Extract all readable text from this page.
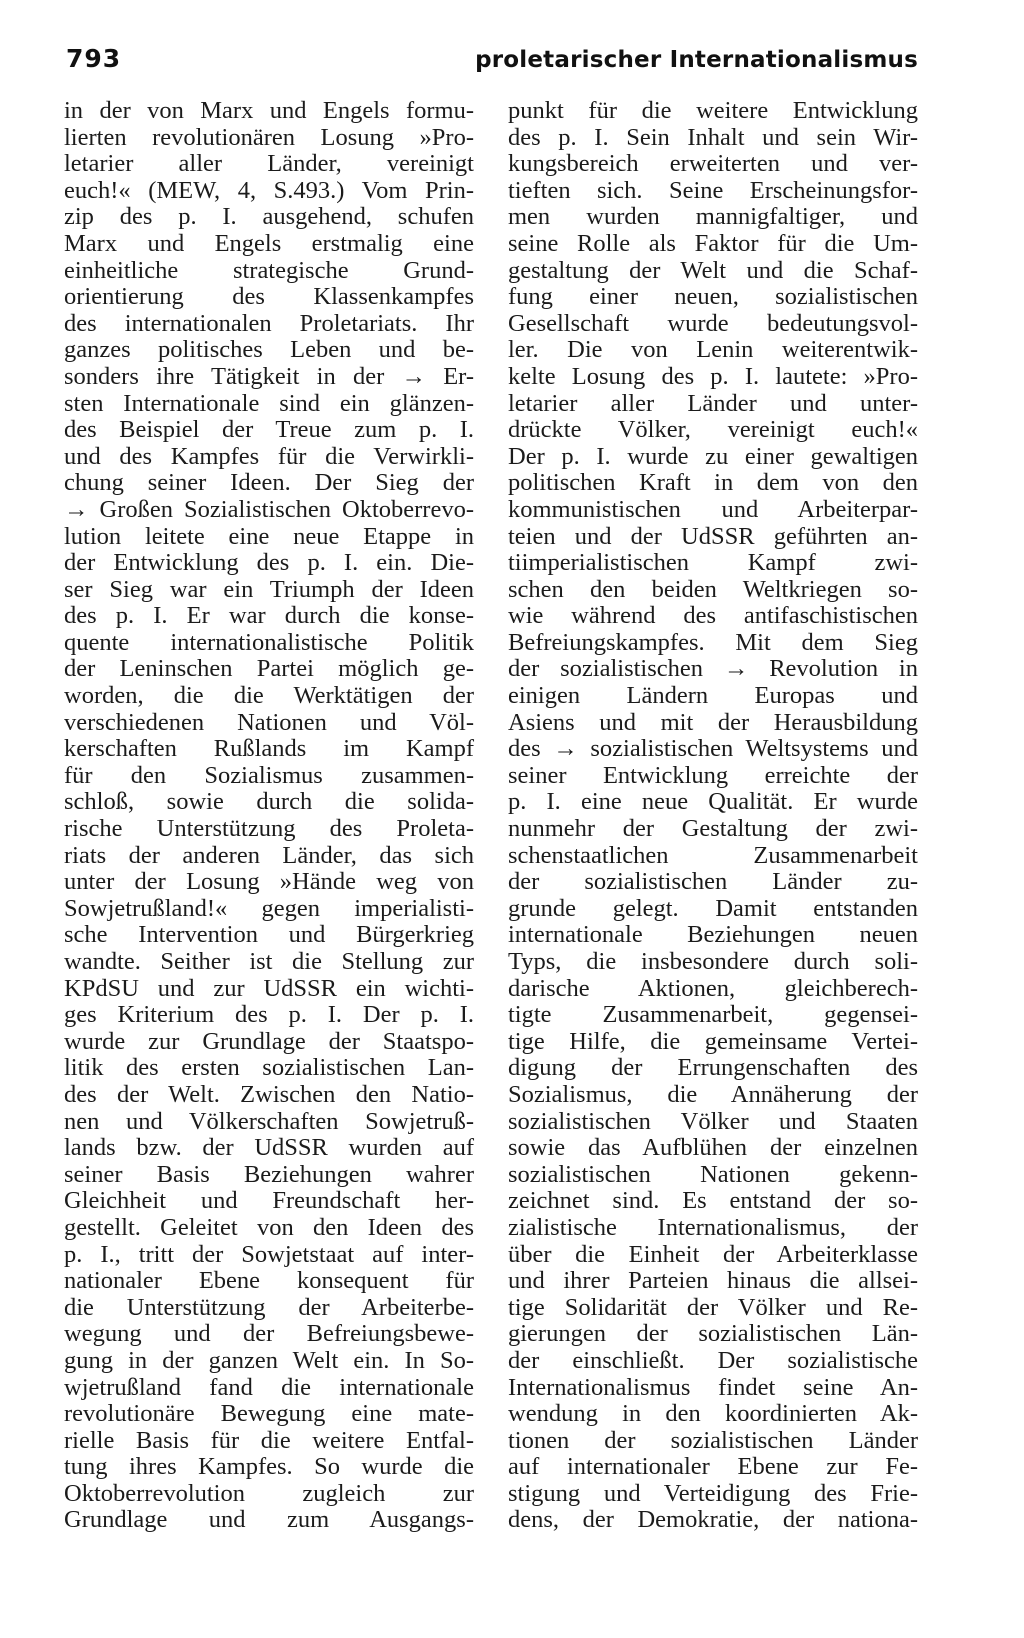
793	proletarischer Internationalismus
in der von Marx und Engels formu-
lierten revolutionären Losung »Pro-
letarier aller Länder, vereinigt
euch!« (MEW, 4, S.493.) Vom Prin-
zip des p. I. ausgehend, schufen
Marx und Engels erstmalig eine
einheitliche strategische Grund-
orientierung des Klassenkampfes
des internationalen Proletariats. Ihr
ganzes politisches Leben und be-
sonders ihre Tätigkeit in der → Er-
sten Internationale sind ein glänzen-
des Beispiel der Treue zum p. I.
und des Kampfes für die Verwirkli-
chung seiner Ideen. Der Sieg der
→ Großen Sozialistischen Oktoberrevo-
lution leitete eine neue Etappe in
der Entwicklung des p. I. ein. Die-
ser Sieg war ein Triumph der Ideen
des p. I. Er war durch die konse-
quente internationalistische Politik
der Leninschen Partei möglich ge-
worden, die die Werktätigen der
verschiedenen Nationen und Völ-
kerschaften Rußlands im Kampf
für den Sozialismus zusammen-
schloß, sowie durch die solida-
rische Unterstützung des Proleta-
riats der anderen Länder, das sich
unter der Losung »Hände weg von
Sowjetrußland!« gegen imperialisti-
sche Intervention und Bürgerkrieg
wandte. Seither ist die Stellung zur
KPdSU und zur UdSSR ein wichti-
ges Kriterium des p. I. Der p. I.
wurde zur Grundlage der Staatspo-
litik des ersten sozialistischen Lan-
des der Welt. Zwischen den Natio-
nen und Völkerschaften Sowjetruß-
lands bzw. der UdSSR wurden auf
seiner Basis Beziehungen wahrer
Gleichheit und Freundschaft her-
gestellt. Geleitet von den Ideen des
p. I., tritt der Sowjetstaat auf inter-
nationaler Ebene konsequent für
die Unterstützung der Arbeiterbe-
wegung und der Befreiungsbewe-
gung in der ganzen Welt ein. In So-
wjetrußland fand die internationale
revolutionäre Bewegung eine mate-
rielle Basis für die weitere Entfal-
tung ihres Kampfes. So wurde die
Oktoberrevolution zugleich zur
Grundlage und zum Ausgangs-
punkt für die weitere Entwicklung
des p. I. Sein Inhalt und sein Wir-
kungsbereich erweiterten und ver-
tieften sich. Seine Erscheinungsfor-
men wurden mannigfaltiger, und
seine Rolle als Faktor für die Um-
gestaltung der Welt und die Schaf-
fung einer neuen, sozialistischen
Gesellschaft wurde bedeutungsvol-
ler. Die von Lenin weiterentwik-
kelte Losung des p. I. lautete: »Pro-
letarier aller Länder und unter-
drückte Völker, vereinigt euch!«
Der p. I. wurde zu einer gewaltigen
politischen Kraft in dem von den
kommunistischen und Arbeiterpar-
teien und der UdSSR geführten an-
tiimperialistischen Kampf zwi-
schen den beiden Weltkriegen so-
wie während des antifaschistischen
Befreiungskampfes. Mit dem Sieg
der sozialistischen → Revolution in
einigen Ländern Europas und
Asiens und mit der Herausbildung
des → sozialistischen Weltsystems und
seiner Entwicklung erreichte der
p. I. eine neue Qualität. Er wurde
nunmehr der Gestaltung der zwi-
schenstaatlichen Zusammenarbeit
der sozialistischen Länder zu-
grunde gelegt. Damit entstanden
internationale Beziehungen neuen
Typs, die insbesondere durch soli-
darische Aktionen, gleichberech-
tigte Zusammenarbeit, gegensei-
tige Hilfe, die gemeinsame Vertei-
digung der Errungenschaften des
Sozialismus, die Annäherung der
sozialistischen Völker und Staaten
sowie das Aufblühen der einzelnen
sozialistischen Nationen gekenn-
zeichnet sind. Es entstand der so-
zialistische Internationalismus, der
über die Einheit der Arbeiterklasse
und ihrer Parteien hinaus die allsei-
tige Solidarität der Völker und Re-
gierungen der sozialistischen Län-
der einschließt. Der sozialistische
Internationalismus findet seine An-
wendung in den koordinierten Ak-
tionen der sozialistischen Länder
auf internationaler Ebene zur Fe-
stigung und Verteidigung des Frie-
dens, der Demokratie, der nationa-
